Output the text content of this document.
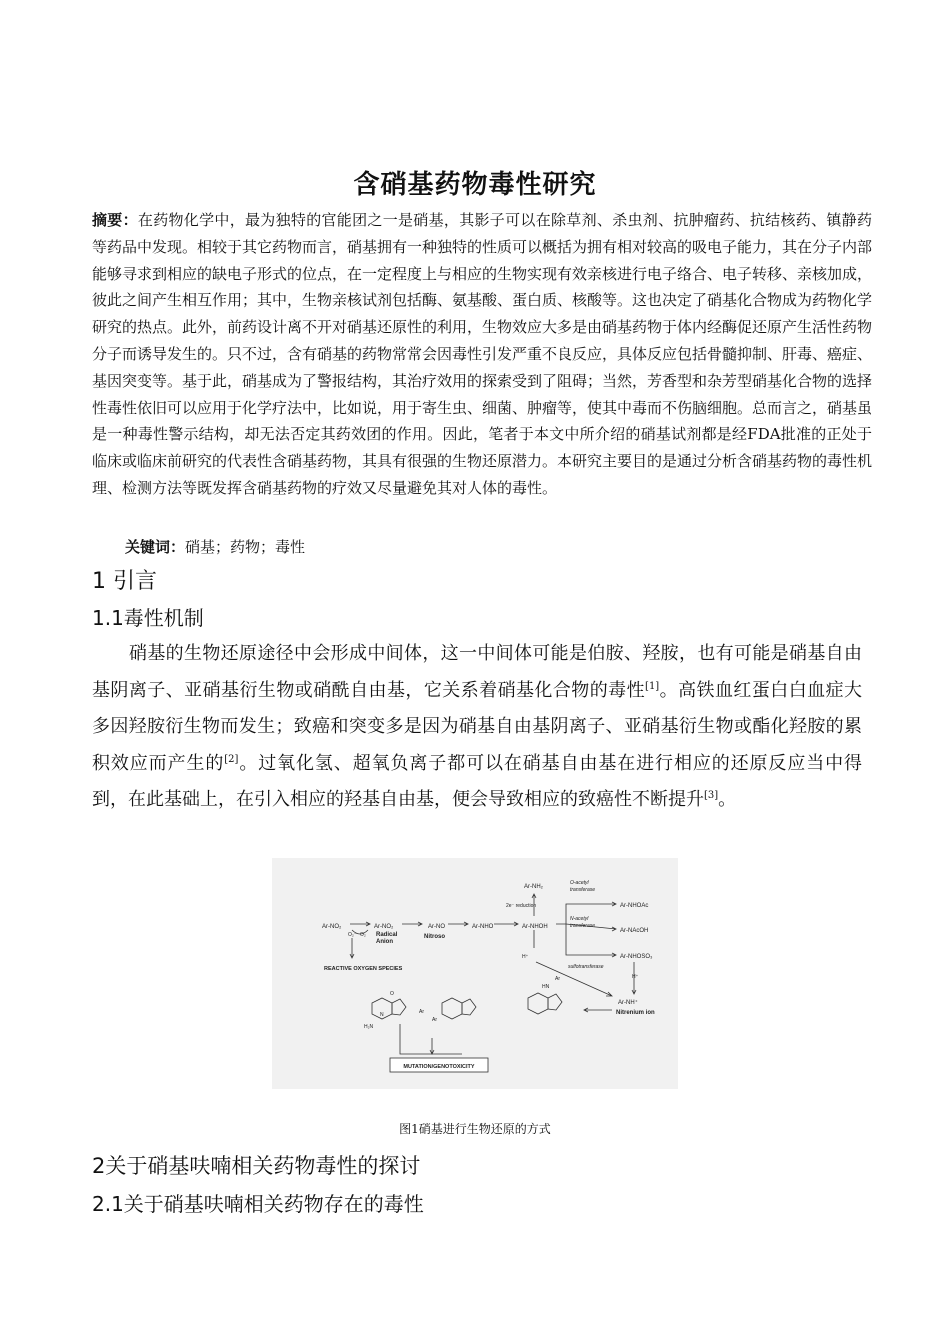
含硝基药物毒性研究
摘要：在药物化学中，最为独特的官能团之一是硝基，其影子可以在除草剂、杀虫剂、抗肿瘤药、抗结核药、镇静药等药品中发现。相较于其它药物而言，硝基拥有一种独特的性质可以概括为拥有相对较高的吸电子能力，其在分子内部能够寻求到相应的缺电子形式的位点，在一定程度上与相应的生物实现有效亲核进行电子络合、电子转移、亲核加成，彼此之间产生相互作用；其中，生物亲核试剂包括酶、氨基酸、蛋白质、核酸等。这也决定了硝基化合物成为药物化学研究的热点。此外，前药设计离不开对硝基还原性的利用，生物效应大多是由硝基药物于体内经酶促还原产生活性药物分子而诱导发生的。只不过，含有硝基的药物常常会因毒性引发严重不良反应，具体反应包括骨髓抑制、肝毒、癌症、基因突变等。基于此，硝基成为了警报结构，其治疗效用的探索受到了阻碍；当然，芳香型和杂芳型硝基化合物的选择性毒性依旧可以应用于化学疗法中，比如说，用于寄生虫、细菌、肿瘤等，使其中毒而不伤脑细胞。总而言之，硝基虽是一种毒性警示结构，却无法否定其药效团的作用。因此，笔者于本文中所介绍的硝基试剂都是经FDA批准的正处于临床或临床前研究的代表性含硝基药物，其具有很强的生物还原潜力。本研究主要目的是通过分析含硝基药物的毒性机理、检测方法等既发挥含硝基药物的疗效又尽量避免其对人体的毒性。
关键词：硝基；药物；毒性
1 引言
1.1毒性机制
硝基的生物还原途径中会形成中间体，这一中间体可能是伯胺、羟胺，也有可能是硝基自由基阴离子、亚硝基衍生物或硝酰自由基，它关系着硝基化合物的毒性[1]。高铁血红蛋白白血症大多因羟胺衍生物而发生；致癌和突变多是因为硝基自由基阴离子、亚硝基衍生物或酯化羟胺的累积效应而产生的[2]。过氧化氢、超氧负离子都可以在硝基自由基在进行相应的还原反应当中得到，在此基础上，在引入相应的羟基自由基，便会导致相应的致癌性不断提升[3]。
Ar-NO₂
O₂⁻ O₂
Ar-NO₂
Radical
Anion
Ar-NO
Nitroso
Ar-NHO	Ar-NHOH
Ar-NH₂
2e⁻ reduction
O-acetyl
transferase
Ar-NHOAc
N-acetyl
transferase
Ar-NAcOH
Ar-NHOSO₃
sulfotransferase
H⁺
H⁺
Ar-NH⁺
Nitrenium ion
REACTIVE OXYGEN SPECIES
HN
Ar
Ar
Ar
H₂N
O
N
MUTATION/GENOTOXICITY
图1硝基进行生物还原的方式
2关于硝基呋喃相关药物毒性的探讨
2.1关于硝基呋喃相关药物存在的毒性
